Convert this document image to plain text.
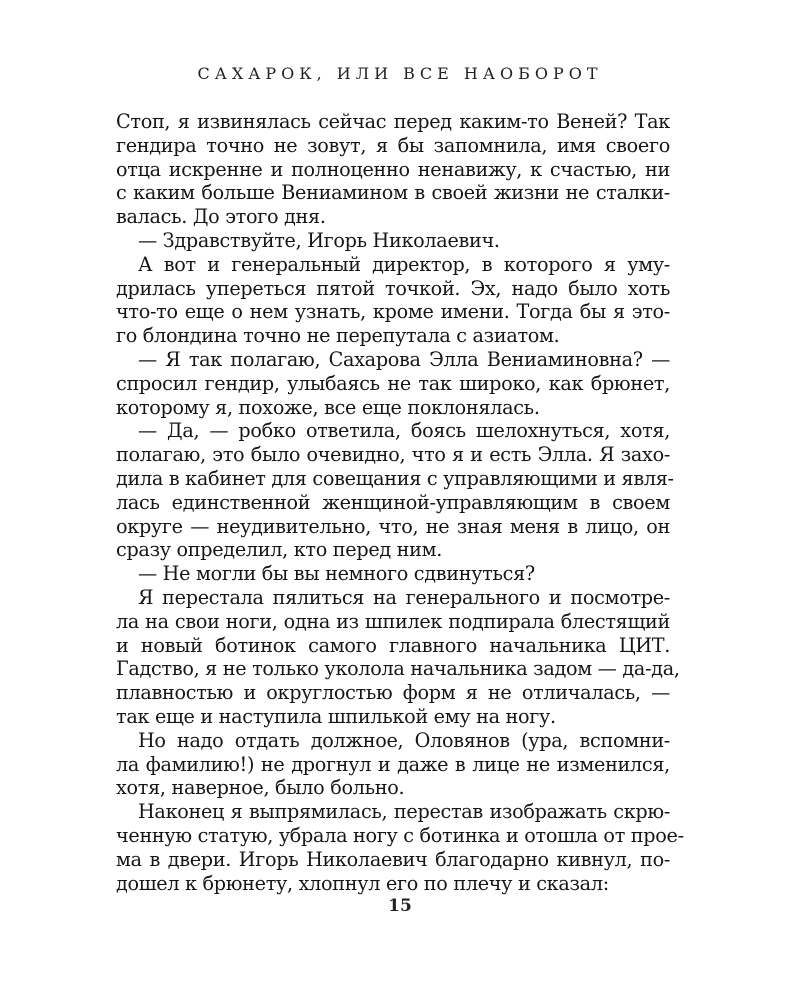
САХАРОК, ИЛИ ВСЕ НАОБОРОТ
Стоп, я извинялась сейчас перед каким-то Веней? Так
гендира точно не зовут, я бы запомнила, имя своего
отца искренне и полноценно ненавижу, к счастью, ни
с каким больше Вениамином в своей жизни не сталки-
валась. До этого дня.
— Здравствуйте, Игорь Николаевич.
А вот и генеральный директор, в которого я уму-
дрилась упереться пятой точкой. Эх, надо было хоть
что-то еще о нем узнать, кроме имени. Тогда бы я это-
го блондина точно не перепутала с азиатом.
— Я так полагаю, Сахарова Элла Вениаминовна? —
спросил гендир, улыбаясь не так широко, как брюнет,
которому я, похоже, все еще поклонялась.
— Да, — робко ответила, боясь шелохнуться, хотя,
полагаю, это было очевидно, что я и есть Элла. Я захо-
дила в кабинет для совещания с управляющими и явля-
лась единственной женщиной-управляющим в своем
округе — неудивительно, что, не зная меня в лицо, он
сразу определил, кто перед ним.
— Не могли бы вы немного сдвинуться?
Я перестала пялиться на генерального и посмотре-
ла на свои ноги, одна из шпилек подпирала блестящий
и новый ботинок самого главного начальника ЦИТ.
Гадство, я не только уколола начальника задом — да-да,
плавностью и округлостью форм я не отличалась, —
так еще и наступила шпилькой ему на ногу.
Но надо отдать должное, Оловянов (ура, вспомни-
ла фамилию!) не дрогнул и даже в лице не изменился,
хотя, наверное, было больно.
Наконец я выпрямилась, перестав изображать скрю-
ченную статую, убрала ногу с ботинка и отошла от прое-
ма в двери. Игорь Николаевич благодарно кивнул, по-
дошел к брюнету, хлопнул его по плечу и сказал:
15
